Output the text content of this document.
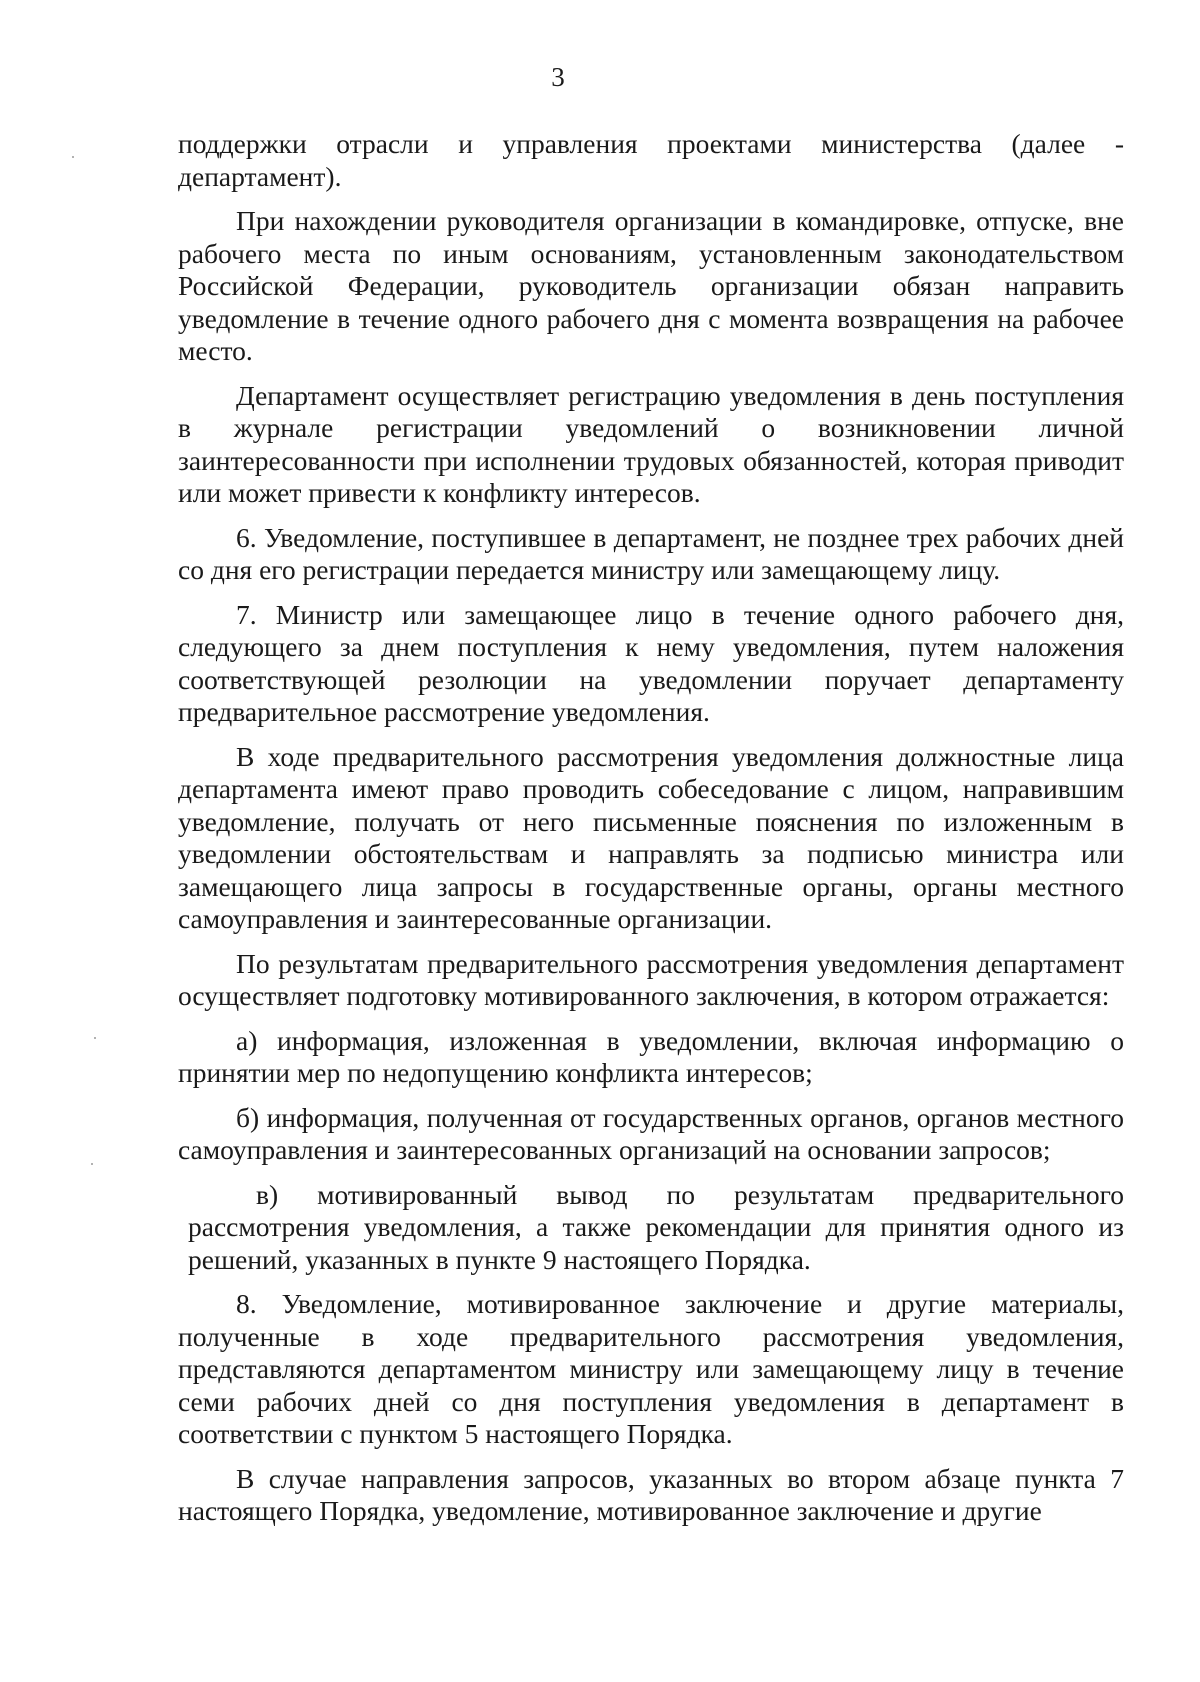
3

поддержки отрасли и управления проектами министерства (далее - департамент).

При нахождении руководителя организации в командировке, отпуске, вне рабочего места по иным основаниям, установленным законодательством Российской Федерации, руководитель организации обязан направить уведомление в течение одного рабочего дня с момента возвращения на рабочее место.

Департамент осуществляет регистрацию уведомления в день поступления в журнале регистрации уведомлений о возникновении личной заинтересованности при исполнении трудовых обязанностей, которая приводит или может привести к конфликту интересов.

6. Уведомление, поступившее в департамент, не позднее трех рабочих дней со дня его регистрации передается министру или замещающему лицу.

7. Министр или замещающее лицо в течение одного рабочего дня, следующего за днем поступления к нему уведомления, путем наложения соответствующей резолюции на уведомлении поручает департаменту предварительное рассмотрение уведомления.

В ходе предварительного рассмотрения уведомления должностные лица департамента имеют право проводить собеседование с лицом, направившим уведомление, получать от него письменные пояснения по изложенным в уведомлении обстоятельствам и направлять за подписью министра или замещающего лица запросы в государственные органы, органы местного самоуправления и заинтересованные организации.

По результатам предварительного рассмотрения уведомления департамент осуществляет подготовку мотивированного заключения, в котором отражается:

а) информация, изложенная в уведомлении, включая информацию о принятии мер по недопущению конфликта интересов;

б) информация, полученная от государственных органов, органов местного самоуправления и заинтересованных организаций на основании запросов;

в) мотивированный вывод по результатам предварительного рассмотрения уведомления, а также рекомендации для принятия одного из решений, указанных в пункте 9 настоящего Порядка.

8. Уведомление, мотивированное заключение и другие материалы, полученные в ходе предварительного рассмотрения уведомления, представляются департаментом министру или замещающему лицу в течение семи рабочих дней со дня поступления уведомления в департамент в соответствии с пунктом 5 настоящего Порядка.

В случае направления запросов, указанных во втором абзаце пункта 7 настоящего Порядка, уведомление, мотивированное заключение и другие
